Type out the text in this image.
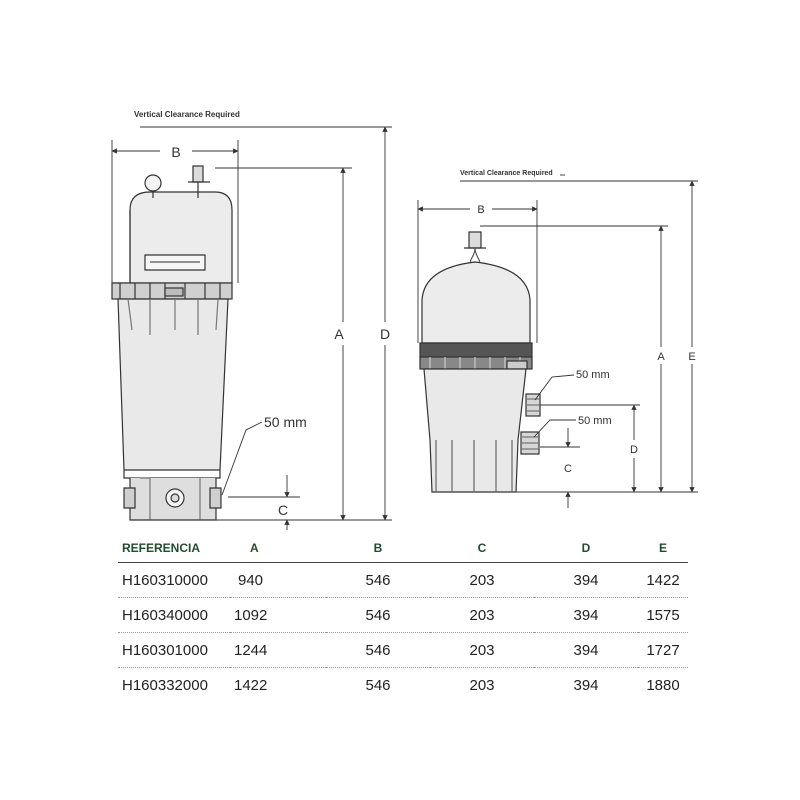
Vertical Clearance Required
B
A	D
C
50 mm
Vertical Clearance Required
B
A E
D
C
50 mm
50 mm
REFERENCIA	A	B	C	D	E
H160310000	940	546	203	394	1422
H160340000	1092	546	203	394	1575
H160301000	1244	546	203	394	1727
H160332000	1422	546	203	394	1880
